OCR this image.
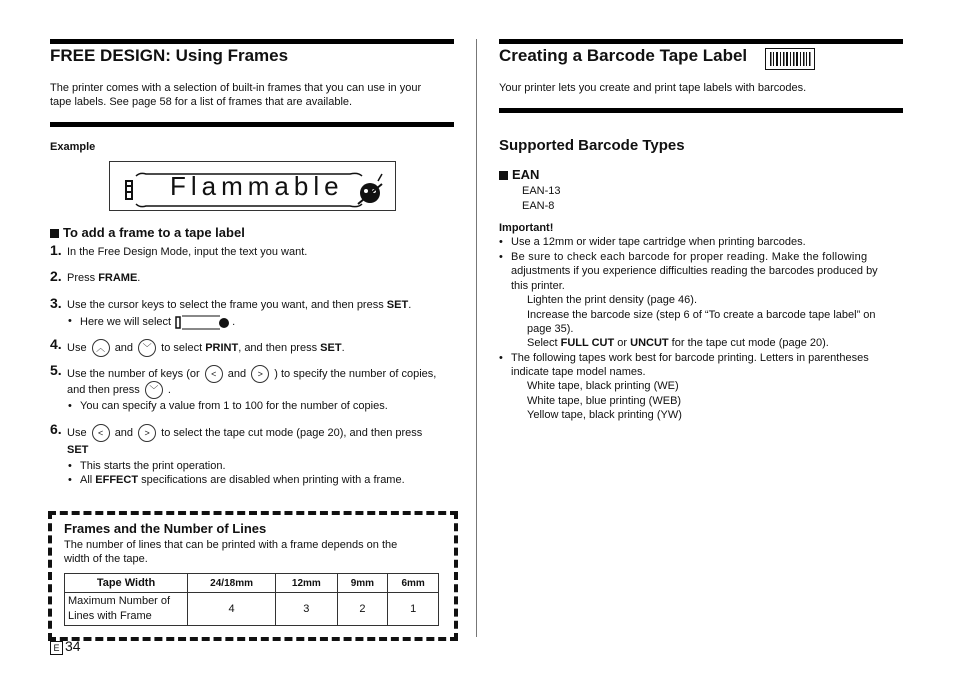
FREE DESIGN: Using Frames
The printer comes with a selection of built-in frames that you can use in your
tape labels. See page 58 for a list of frames that are available.
Example
Flammable
To add a frame to a tape label
1. In the Free Design Mode, input the text you want.
2. Press FRAME.
3. Use the cursor keys to select the frame you want, and then press SET.
• Here we will select	.
4. Use ︿ and ﹀ to select PRINT, and then press SET.
5. Use the number of keys (or < and > ) to specify the number of copies,
and then press ﹀ .
• You can specify a value from 1 to 100 for the number of copies.
6. Use < and > to select the tape cut mode (page 20), and then press
SET
• This starts the print operation.
• All EFFECT specifications are disabled when printing with a frame.
Frames and the Number of Lines
The number of lines that can be printed with a frame depends on the
width of the tape.
Tape Width	24/18mm	12mm	9mm	6mm
Maximum Number of
Lines with Frame	4	3	2	1
E 34
Creating a Barcode Tape Label
Your printer lets you create and print tape labels with barcodes.
Supported Barcode Types
EAN
EAN-13
EAN-8
Important!
• Use a 12mm or wider tape cartridge when printing barcodes.
• Be sure to check each barcode for proper reading. Make the following
adjustments if you experience difficulties reading the barcodes produced by
this printer.
Lighten the print density (page 46).
Increase the barcode size (step 6 of “To create a barcode tape label” on
page 35).
Select FULL CUT or UNCUT for the tape cut mode (page 20).
• The following tapes work best for barcode printing. Letters in parentheses
indicate tape model names.
White tape, black printing (WE)
White tape, blue printing (WEB)
Yellow tape, black printing (YW)
